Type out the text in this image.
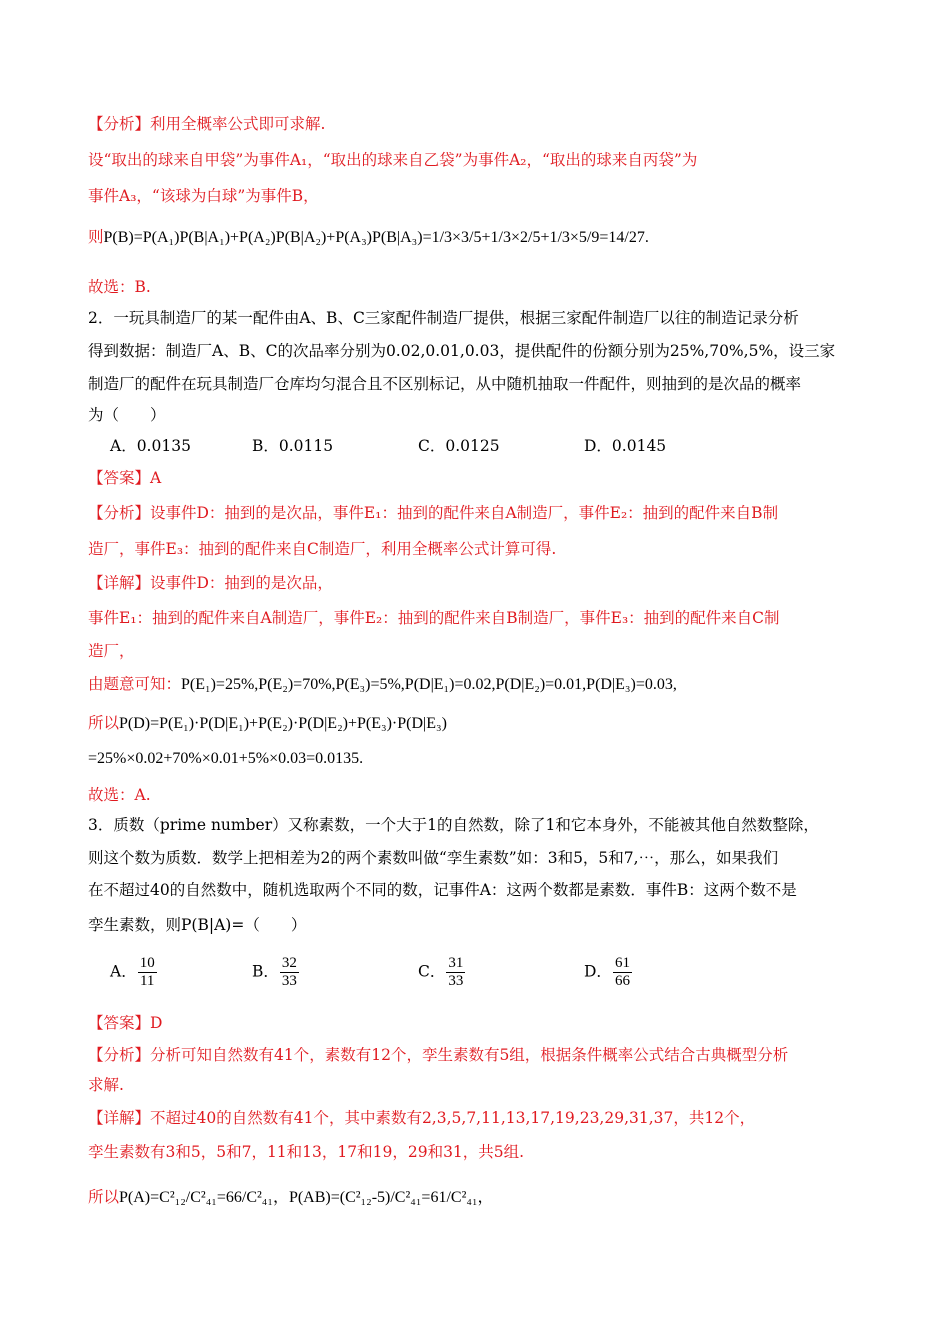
【分析】利用全概率公式即可求解.
设“取出的球来自甲袋”为事件A₁，“取出的球来自乙袋”为事件A₂，“取出的球来自丙袋”为
事件A₃，“该球为白球”为事件B，
则P(B)=P(A₁)P(B|A₁)+P(A₂)P(B|A₂)+P(A₃)P(B|A₃)=1/3×3/5+1/3×2/5+1/3×5/9=14/27.
故选：B.
2．一玩具制造厂的某一配件由A、B、C三家配件制造厂提供，根据三家配件制造厂以往的制造记录分析
得到数据：制造厂A、B、C的次品率分别为0.02,0.01,0.03，提供配件的份额分别为25%,70%,5%，设三家
制造厂的配件在玩具制造厂仓库均匀混合且不区别标记，从中随机抽取一件配件，则抽到的是次品的概率
为（　　）
A．0.0135	B．0.0115	C．0.0125	D．0.0145
【答案】A
【分析】设事件D：抽到的是次品，事件E₁：抽到的配件来自A制造厂，事件E₂：抽到的配件来自B制
造厂，事件E₃：抽到的配件来自C制造厂，利用全概率公式计算可得.
【详解】设事件D：抽到的是次品，
事件E₁：抽到的配件来自A制造厂，事件E₂：抽到的配件来自B制造厂，事件E₃：抽到的配件来自C制
造厂，
由题意可知：P(E₁)=25%,P(E₂)=70%,P(E₃)=5%,P(D|E₁)=0.02,P(D|E₂)=0.01,P(D|E₃)=0.03,
所以P(D)=P(E₁)·P(D|E₁)+P(E₂)·P(D|E₂)+P(E₃)·P(D|E₃)
=25%×0.02+70%×0.01+5%×0.03=0.0135.
故选：A.
3．质数（prime number）又称素数，一个大于1的自然数，除了1和它本身外，不能被其他自然数整除，
则这个数为质数．数学上把相差为2的两个素数叫做“孪生素数”如：3和5，5和7,⋯，那么，如果我们
在不超过40的自然数中，随机选取两个不同的数，记事件A：这两个数都是素数．事件B：这两个数不是
孪生素数，则P(B|A)=（　　）
A． $\frac{10}{11}$	B． $\frac{32}{33}$	C． $\frac{31}{33}$	D． $\frac{61}{66}$
【答案】D
【分析】分析可知自然数有41个，素数有12个，孪生素数有5组，根据条件概率公式结合古典概型分析
求解.
【详解】不超过40的自然数有41个，其中素数有2,3,5,7,11,13,17,19,23,29,31,37，共12个，
孪生素数有3和5，5和7，11和13，17和19，29和31，共5组.
所以P(A)=C²₁₂/C²₄₁=66/C²₄₁，P(AB)=(C²₁₂-5)/C²₄₁=61/C²₄₁，
